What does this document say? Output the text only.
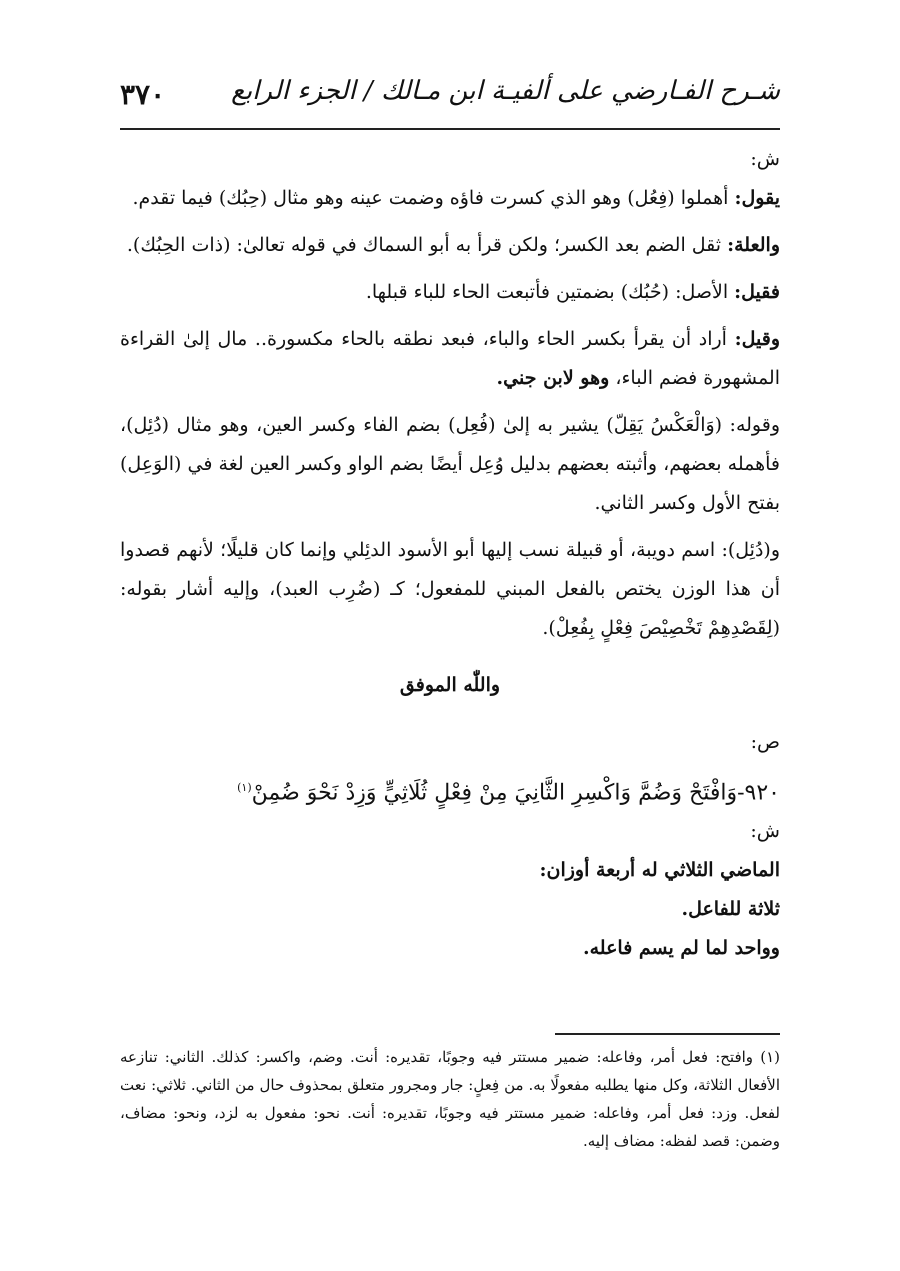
شـرح الفـارضي على ألفيـة ابن مـالك / الجزء الرابع
٣٧٠

ش:

يقول: أهملوا (فِعُل) وهو الذي كسرت فاؤه وضمت عينه وهو مثال (حِبُك) فيما تقدم.

والعلة: ثقل الضم بعد الكسر؛ ولكن قرأ به أبو السماك في قوله تعالىٰ: (ذات الحِبُك).

فقيل: الأصل: (حُبُك) بضمتين فأتبعت الحاء للباء قبلها.

وقيل: أراد أن يقرأ بكسر الحاء والباء، فبعد نطقه بالحاء مكسورة.. مال إلىٰ القراءة المشهورة فضم الباء، وهو لابن جني.

وقوله: (وَالْعَكْسُ يَقِلّ) يشير به إلىٰ (فُعِل) بضم الفاء وكسر العين، وهو مثال (دُئِل)، فأهمله بعضهم، وأثبته بعضهم بدليل وُعِل أيضًا بضم الواو وكسر العين لغة في (الوَعِل) بفتح الأول وكسر الثاني.

و(دُئِل): اسم دويبة، أو قبيلة نسب إليها أبو الأسود الدئِلي وإنما كان قليلًا؛ لأنهم قصدوا أن هذا الوزن يختص بالفعل المبني للمفعول؛ كـ (ضُرِب العبد)، وإليه أشار بقوله: (لِقَصْدِهِمْ تَخْصِيْصَ فِعْلٍ بِفُعِلْ).

واللّٰه الموفق

ص:

٩٢٠-وَافْتَحْ وَضُمَّ وَاكْسِرِ الثَّانِيَ مِنْ فِعْلٍ ثُلَاثِيٍّ وَزِدْ نَحْوَ ضُمِنْ$^{(١)}$

ش:

الماضي الثلاثي له أربعة أوزان:

ثلاثة للفاعل.

وواحد لما لم يسم فاعله.

(١) وافتح: فعل أمر، وفاعله: ضمير مستتر فيه وجوبًا، تقديره: أنت. وضم، واكسر: كذلك. الثاني: تنازعه الأفعال الثلاثة، وكل منها يطلبه مفعولًا به. من فِعلٍ: جار ومجرور متعلق بمحذوف حال من الثاني. ثلاثي: نعت لفعل. وزد: فعل أمر، وفاعله: ضمير مستتر فيه وجوبًا، تقديره: أنت. نحو: مفعول به لزد، ونحو: مضاف، وضمن: قصد لفظه: مضاف إليه.
